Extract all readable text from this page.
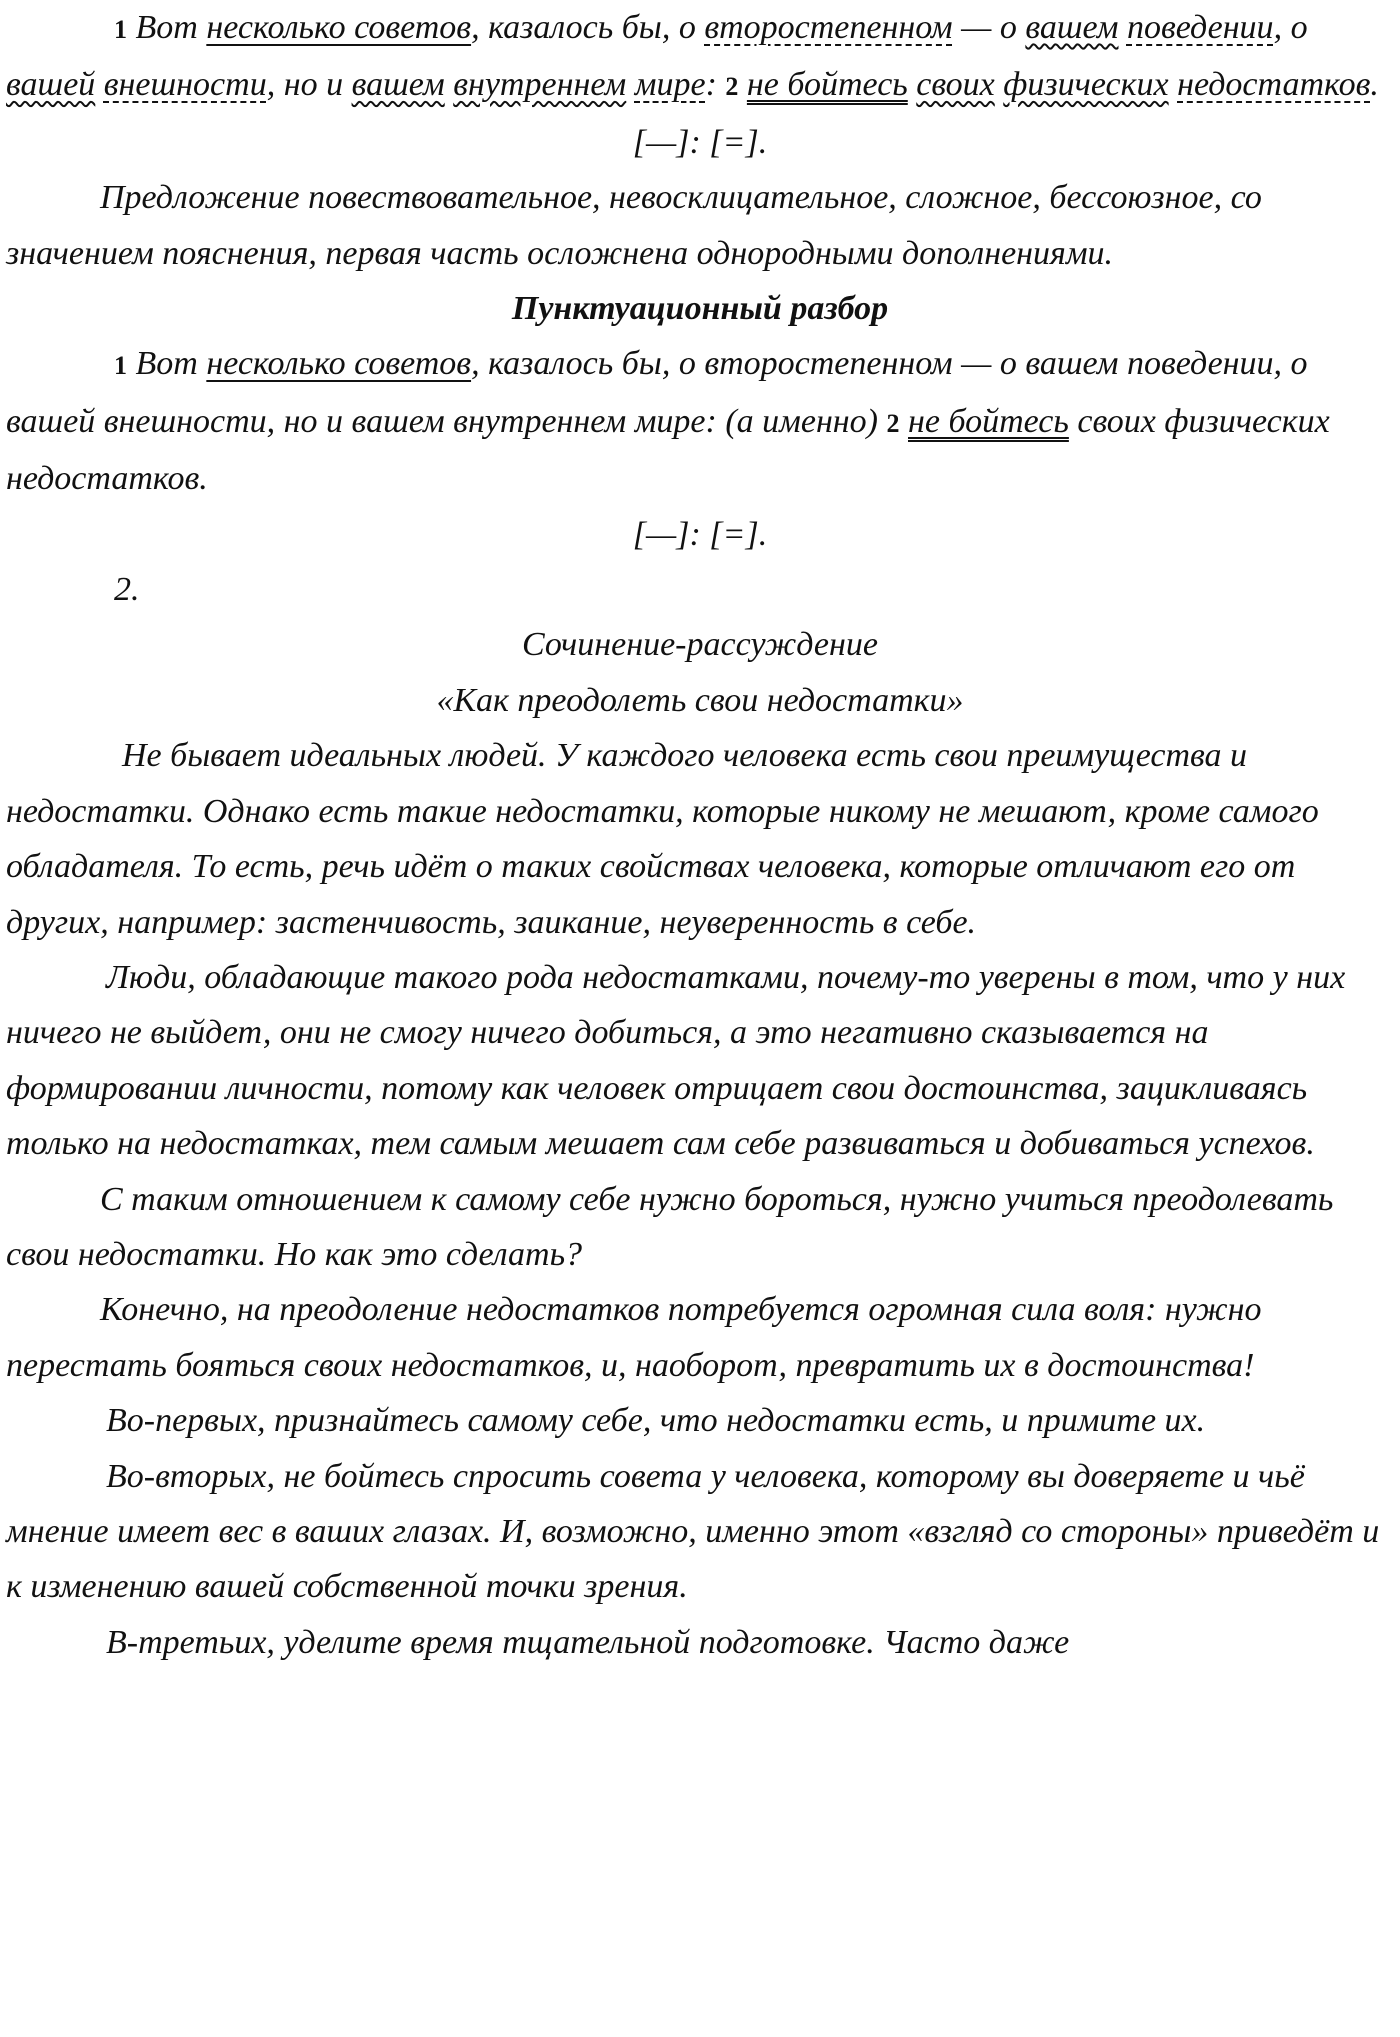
1 Вот несколько советов, казалось бы, о второстепенном — о вашем поведении, о вашей внешности, но и вашем внутреннем мире: 2 не бойтесь своих физических недостатков.

[—]: [=].

Предложение повествовательное, невосклицательное, сложное, бессоюзное, со значением пояснения, первая часть осложнена однородными дополнениями.

Пунктуационный разбор

1 Вот несколько советов, казалось бы, о второстепенном — о вашем поведении, о вашей внешности, но и вашем внутреннем мире: (а именно) 2 не бойтесь своих физических недостатков.

[—]: [=].

2.

Сочинение-рассуждение

«Как преодолеть свои недостатки»

Не бывает идеальных людей. У каждого человека есть свои преимущества и недостатки. Однако есть такие недостатки, которые никому не мешают, кроме самого обладателя. То есть, речь идёт о таких свойствах человека, которые отличают его от других, например: застенчивость, заикание, неуверенность в себе.

Люди, обладающие такого рода недостатками, почему-то уверены в том, что у них ничего не выйдет, они не смогу ничего добиться, а это негативно сказывается на формировании личности, потому как человек отрицает свои достоинства, зацикливаясь только на недостатках, тем самым мешает сам себе развиваться и добиваться успехов.

С таким отношением к самому себе нужно бороться, нужно учиться преодолевать свои недостатки. Но как это сделать?

Конечно, на преодоление недостатков потребуется огромная сила воля: нужно перестать бояться своих недостатков, и, наоборот, превратить их в достоинства!

Во-первых, признайтесь самому себе, что недостатки есть, и примите их.

Во-вторых, не бойтесь спросить совета у человека, которому вы доверяете и чьё мнение имеет вес в ваших глазах. И, возможно, именно этот «взгляд со стороны» приведёт и к изменению вашей собственной точки зрения.

В-третьих, уделите время тщательной подготовке. Часто даже
